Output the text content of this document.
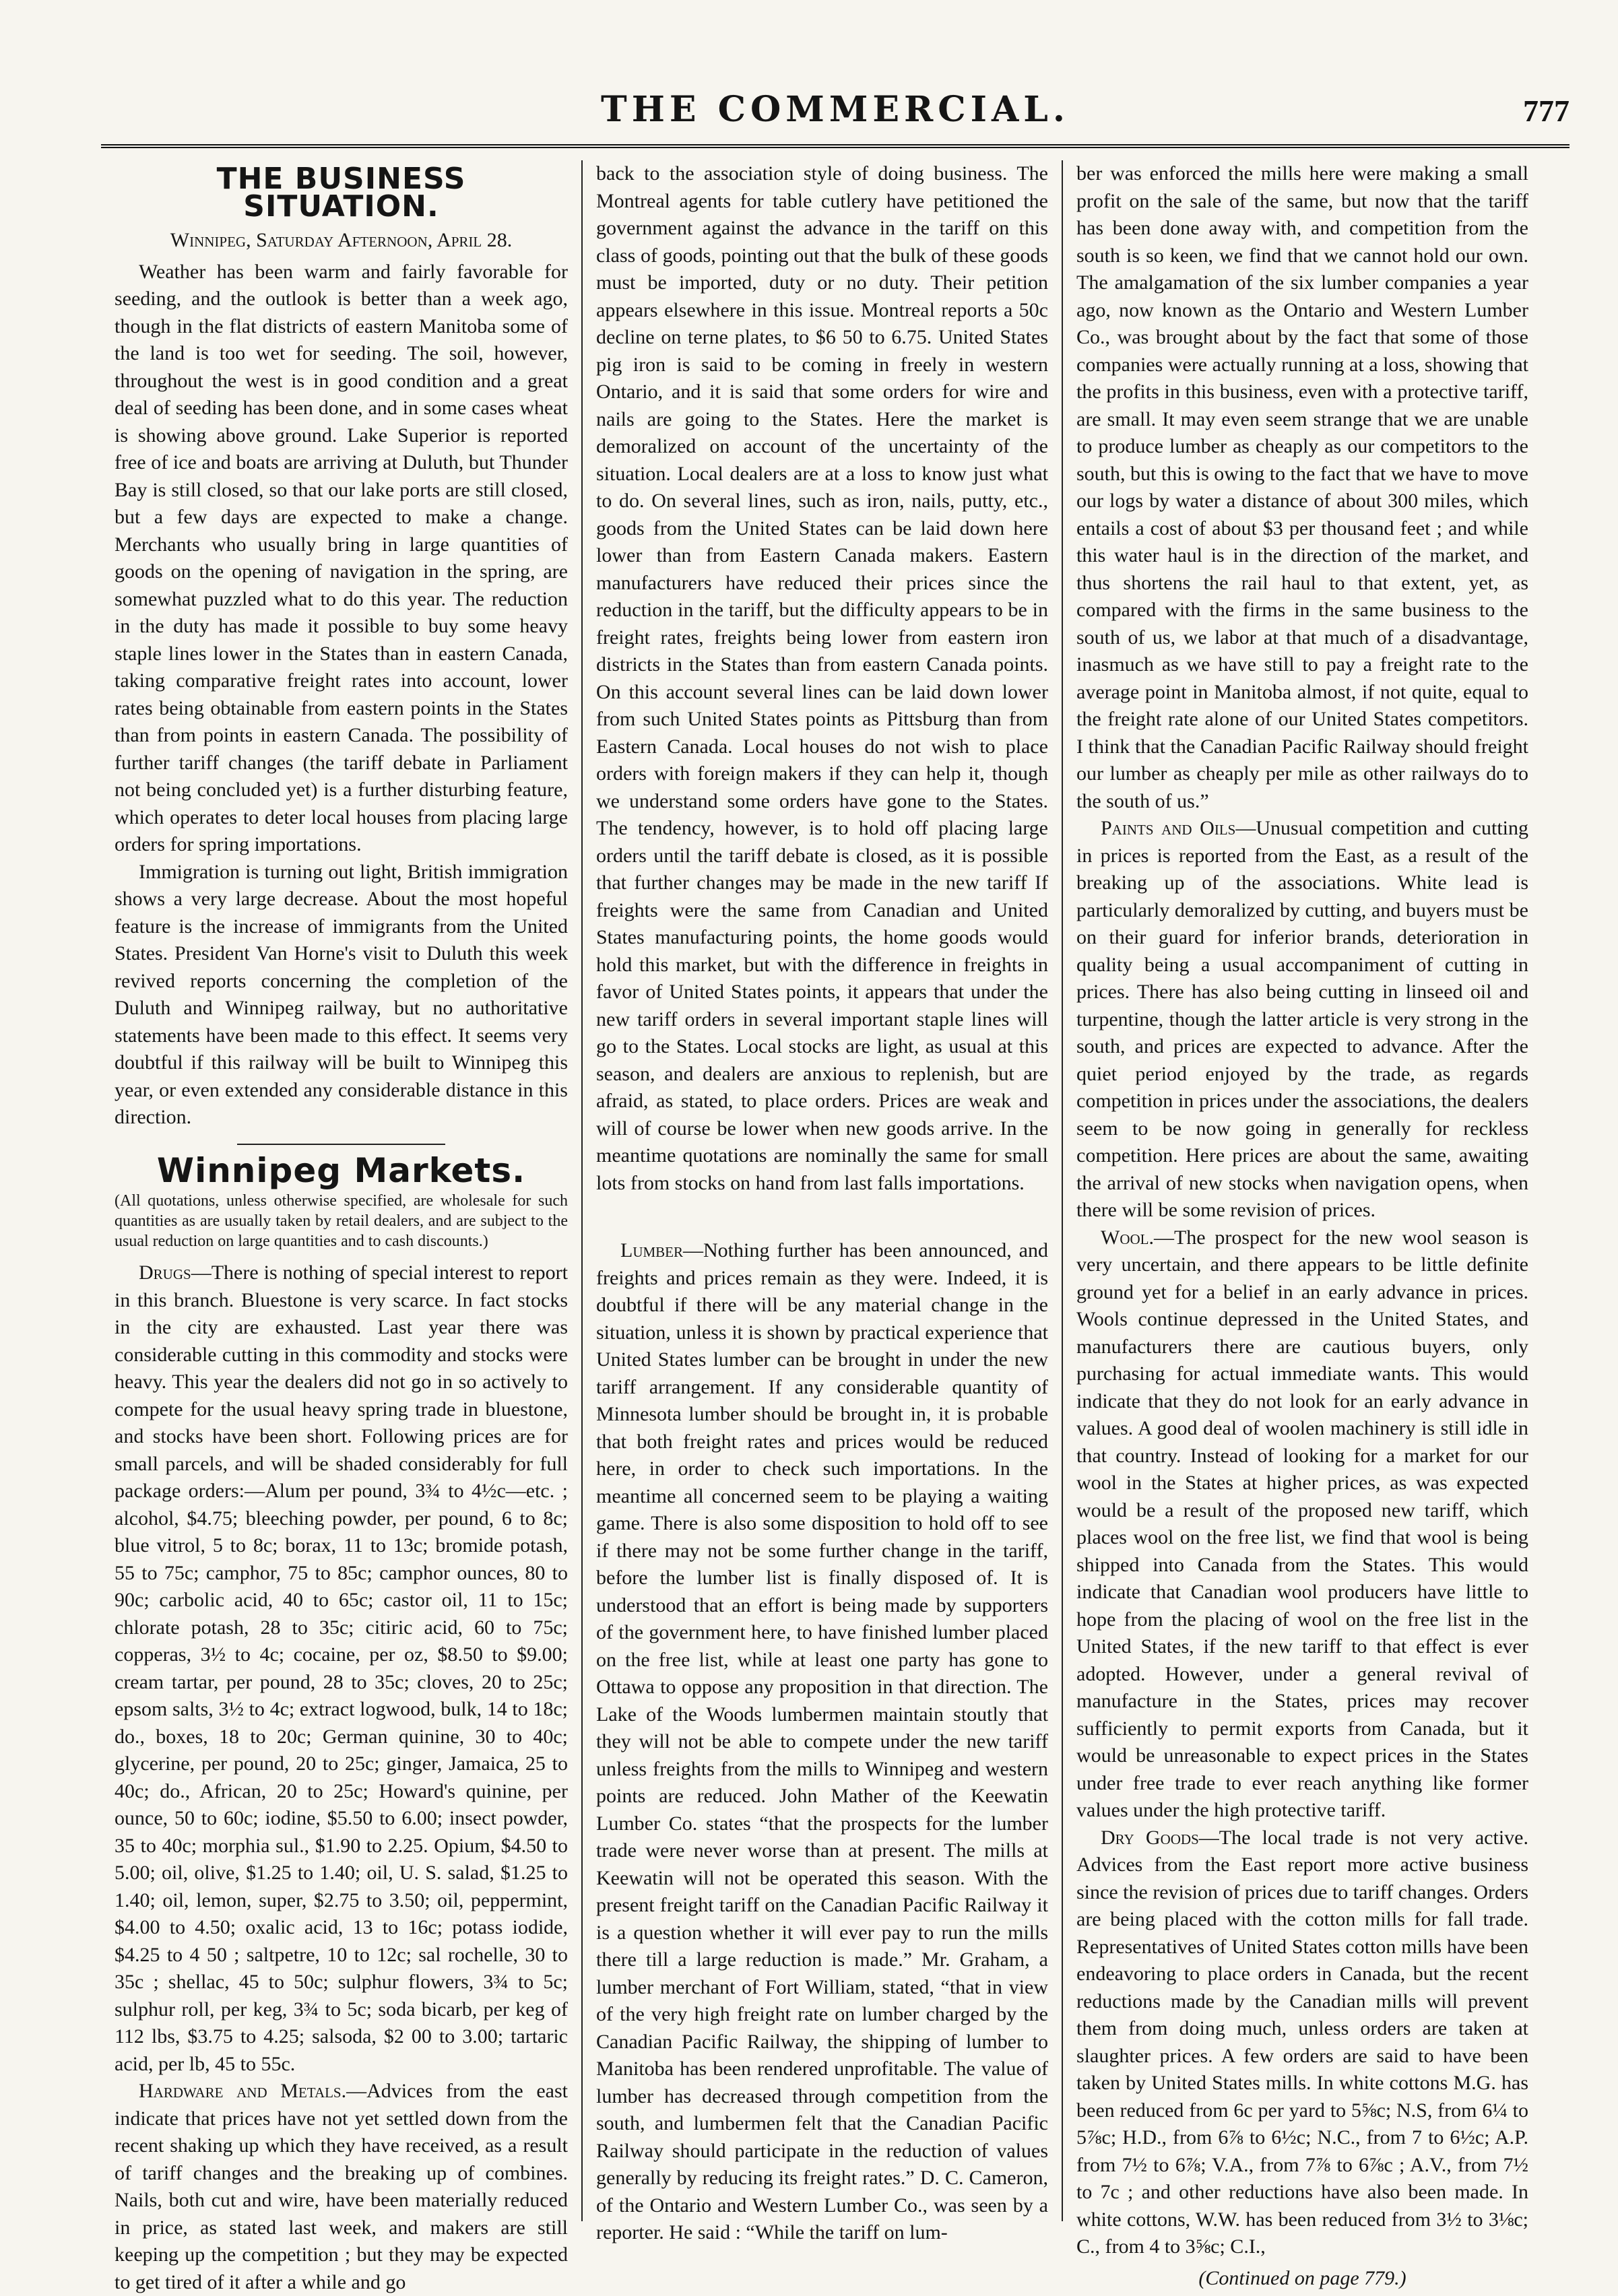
THE COMMERCIAL.	777
THE BUSINESS SITUATION.

Winnipeg, Saturday Afternoon, April 28.

Weather has been warm and fairly favorable for seeding, and the outlook is better than a week ago, though in the flat districts of eastern Manitoba some of the land is too wet for seeding. The soil, however, throughout the west is in good condition and a great deal of seeding has been done, and in some cases wheat is showing above ground. Lake Superior is reported free of ice and boats are arriving at Duluth, but Thunder Bay is still closed, so that our lake ports are still closed, but a few days are expected to make a change. Merchants who usually bring in large quantities of goods on the opening of navigation in the spring, are somewhat puzzled what to do this year. The reduction in the duty has made it possible to buy some heavy staple lines lower in the States than in eastern Canada, taking comparative freight rates into account, lower rates being obtainable from eastern points in the States than from points in eastern Canada. The possibility of further tariff changes (the tariff debate in Parliament not being concluded yet) is a further disturbing feature, which operates to deter local houses from placing large orders for spring importations.

Immigration is turning out light, British immigration shows a very large decrease. About the most hopeful feature is the increase of immigrants from the United States. President Van Horne's visit to Duluth this week revived reports concerning the completion of the Duluth and Winnipeg railway, but no authoritative statements have been made to this effect. It seems very doubtful if this railway will be built to Winnipeg this year, or even extended any considerable distance in this direction.

Winnipeg Markets.

(All quotations, unless otherwise specified, are wholesale for such quantities as are usually taken by retail dealers, and are subject to the usual reduction on large quantities and to cash discounts.)

Drugs—There is nothing of special interest to report in this branch. Bluestone is very scarce. In fact stocks in the city are exhausted. Last year there was considerable cutting in this commodity and stocks were heavy. This year the dealers did not go in so actively to compete for the usual heavy spring trade in bluestone, and stocks have been short. Following prices are for small parcels, and will be shaded considerably for full package orders:—Alum per pound, 3¾ to 4½c—etc. ; alcohol, $4.75; bleeching powder, per pound, 6 to 8c; blue vitrol, 5 to 8c; borax, 11 to 13c; bromide potash, 55 to 75c; camphor, 75 to 85c; camphor ounces, 80 to 90c; carbolic acid, 40 to 65c; castor oil, 11 to 15c; chlorate potash, 28 to 35c; citiric acid, 60 to 75c; copperas, 3½ to 4c; cocaine, per oz, $8.50 to $9.00; cream tartar, per pound, 28 to 35c; cloves, 20 to 25c; epsom salts, 3½ to 4c; extract logwood, bulk, 14 to 18c; do., boxes, 18 to 20c; German quinine, 30 to 40c; glycerine, per pound, 20 to 25c; ginger, Jamaica, 25 to 40c; do., African, 20 to 25c; Howard's quinine, per ounce, 50 to 60c; iodine, $5.50 to 6.00; insect powder, 35 to 40c; morphia sul., $1.90 to 2.25. Opium, $4.50 to 5.00; oil, olive, $1.25 to 1.40; oil, U. S. salad, $1.25 to 1.40; oil, lemon, super, $2.75 to 3.50; oil, peppermint, $4.00 to 4.50; oxalic acid, 13 to 16c; potass iodide, $4.25 to 4 50 ; saltpetre, 10 to 12c; sal rochelle, 30 to 35c ; shellac, 45 to 50c; sulphur flowers, 3¾ to 5c; sulphur roll, per keg, 3¾ to 5c; soda bicarb, per keg of 112 lbs, $3.75 to 4.25; salsoda, $2 00 to 3.00; tartaric acid, per lb, 45 to 55c.

Hardware and Metals.—Advices from the east indicate that prices have not yet settled down from the recent shaking up which they have received, as a result of tariff changes and the breaking up of combines. Nails, both cut and wire, have been materially reduced in price, as stated last week, and makers are still keeping up the competition ; but they may be expected to get tired of it after a while and go

back to the association style of doing business. The Montreal agents for table cutlery have petitioned the government against the advance in the tariff on this class of goods, pointing out that the bulk of these goods must be imported, duty or no duty. Their petition appears elsewhere in this issue. Montreal reports a 50c decline on terne plates, to $6 50 to 6.75. United States pig iron is said to be coming in freely in western Ontario, and it is said that some orders for wire and nails are going to the States. Here the market is demoralized on account of the uncertainty of the situation. Local dealers are at a loss to know just what to do. On several lines, such as iron, nails, putty, etc., goods from the United States can be laid down here lower than from Eastern Canada makers. Eastern manufacturers have reduced their prices since the reduction in the tariff, but the difficulty appears to be in freight rates, freights being lower from eastern iron districts in the States than from eastern Canada points. On this account several lines can be laid down lower from such United States points as Pittsburg than from Eastern Canada. Local houses do not wish to place orders with foreign makers if they can help it, though we understand some orders have gone to the States. The tendency, however, is to hold off placing large orders until the tariff debate is closed, as it is possible that further changes may be made in the new tariff If freights were the same from Canadian and United States manufacturing points, the home goods would hold this market, but with the difference in freights in favor of United States points, it appears that under the new tariff orders in several important staple lines will go to the States. Local stocks are light, as usual at this season, and dealers are anxious to replenish, but are afraid, as stated, to place orders. Prices are weak and will of course be lower when new goods arrive. In the meantime quotations are nominally the same for small lots from stocks on hand from last falls importations.

Lumber—Nothing further has been announced, and freights and prices remain as they were. Indeed, it is doubtful if there will be any material change in the situation, unless it is shown by practical experience that United States lumber can be brought in under the new tariff arrangement. If any considerable quantity of Minnesota lumber should be brought in, it is probable that both freight rates and prices would be reduced here, in order to check such importations. In the meantime all concerned seem to be playing a waiting game. There is also some disposition to hold off to see if there may not be some further change in the tariff, before the lumber list is finally disposed of. It is understood that an effort is being made by supporters of the government here, to have finished lumber placed on the free list, while at least one party has gone to Ottawa to oppose any proposition in that direction. The Lake of the Woods lumbermen maintain stoutly that they will not be able to compete under the new tariff unless freights from the mills to Winnipeg and western points are reduced. John Mather of the Keewatin Lumber Co. states “that the prospects for the lumber trade were never worse than at present. The mills at Keewatin will not be operated this season. With the present freight tariff on the Canadian Pacific Railway it is a question whether it will ever pay to run the mills there till a large reduction is made.” Mr. Graham, a lumber merchant of Fort William, stated, “that in view of the very high freight rate on lumber charged by the Canadian Pacific Railway, the shipping of lumber to Manitoba has been rendered unprofitable. The value of lumber has decreased through competition from the south, and lumbermen felt that the Canadian Pacific Railway should participate in the reduction of values generally by reducing its freight rates.” D. C. Cameron, of the Ontario and Western Lumber Co., was seen by a reporter. He said : “While the tariff on lum-

ber was enforced the mills here were making a small profit on the sale of the same, but now that the tariff has been done away with, and competition from the south is so keen, we find that we cannot hold our own. The amalgamation of the six lumber companies a year ago, now known as the Ontario and Western Lumber Co., was brought about by the fact that some of those companies were actually running at a loss, showing that the profits in this business, even with a protective tariff, are small. It may even seem strange that we are unable to produce lumber as cheaply as our competitors to the south, but this is owing to the fact that we have to move our logs by water a distance of about 300 miles, which entails a cost of about $3 per thousand feet ; and while this water haul is in the direction of the market, and thus shortens the rail haul to that extent, yet, as compared with the firms in the same business to the south of us, we labor at that much of a disadvantage, inasmuch as we have still to pay a freight rate to the average point in Manitoba almost, if not quite, equal to the freight rate alone of our United States competitors. I think that the Canadian Pacific Railway should freight our lumber as cheaply per mile as other railways do to the south of us.”

Paints and Oils—Unusual competition and cutting in prices is reported from the East, as a result of the breaking up of the associations. White lead is particularly demoralized by cutting, and buyers must be on their guard for inferior brands, deterioration in quality being a usual accompaniment of cutting in prices. There has also being cutting in linseed oil and turpentine, though the latter article is very strong in the south, and prices are expected to advance. After the quiet period enjoyed by the trade, as regards competition in prices under the associations, the dealers seem to be now going in generally for reckless competition. Here prices are about the same, awaiting the arrival of new stocks when navigation opens, when there will be some revision of prices.

Wool.—The prospect for the new wool season is very uncertain, and there appears to be little definite ground yet for a belief in an early advance in prices. Wools continue depressed in the United States, and manufacturers there are cautious buyers, only purchasing for actual immediate wants. This would indicate that they do not look for an early advance in values. A good deal of woolen machinery is still idle in that country. Instead of looking for a market for our wool in the States at higher prices, as was expected would be a result of the proposed new tariff, which places wool on the free list, we find that wool is being shipped into Canada from the States. This would indicate that Canadian wool producers have little to hope from the placing of wool on the free list in the United States, if the new tariff to that effect is ever adopted. However, under a general revival of manufacture in the States, prices may recover sufficiently to permit exports from Canada, but it would be unreasonable to expect prices in the States under free trade to ever reach anything like former values under the high protective tariff.

Dry Goods—The local trade is not very active. Advices from the East report more active business since the revision of prices due to tariff changes. Orders are being placed with the cotton mills for fall trade. Representatives of United States cotton mills have been endeavoring to place orders in Canada, but the recent reductions made by the Canadian mills will prevent them from doing much, unless orders are taken at slaughter prices. A few orders are said to have been taken by United States mills. In white cottons M.G. has been reduced from 6c per yard to 5⅝c; N.S, from 6¼ to 5⅞c; H.D., from 6⅞ to 6½c; N.C., from 7 to 6½c; A.P. from 7½ to 6⅞; V.A., from 7⅞ to 6⅞c ; A.V., from 7½ to 7c ; and other reductions have also been made. In white cottons, W.W. has been reduced from 3½ to 3⅛c; C., from 4 to 3⅝c; C.I.,

(Continued on page 779.)
